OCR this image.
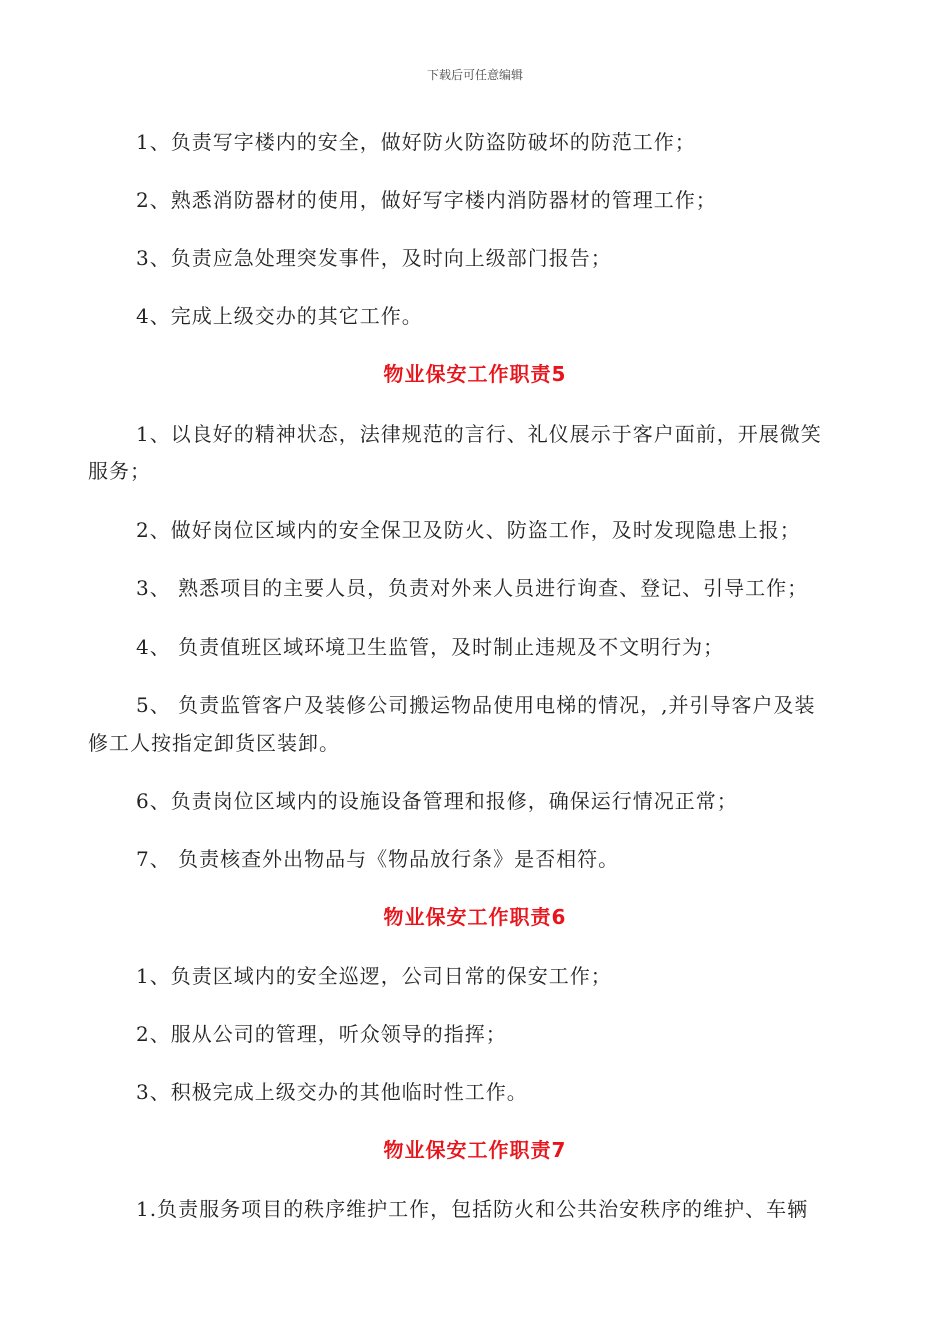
下载后可任意编辑
1、负责写字楼内的安全，做好防火防盗防破坏的防范工作；
2、熟悉消防器材的使用，做好写字楼内消防器材的管理工作；
3、负责应急处理突发事件，及时向上级部门报告；
4、完成上级交办的其它工作。
物业保安工作职责5
1、以良好的精神状态，法律规范的言行、礼仪展示于客户面前，开展微笑
服务；
2、做好岗位区域内的安全保卫及防火、防盗工作，及时发现隐患上报；
3、 熟悉项目的主要人员，负责对外来人员进行询查、登记、引导工作；
4、 负责值班区域环境卫生监管，及时制止违规及不文明行为；
5、 负责监管客户及装修公司搬运物品使用电梯的情况，,并引导客户及装
修工人按指定卸货区装卸。
6、负责岗位区域内的设施设备管理和报修，确保运行情况正常；
7、 负责核查外出物品与《物品放行条》是否相符。
物业保安工作职责6
1、负责区域内的安全巡逻，公司日常的保安工作；
2、服从公司的管理，听众领导的指挥；
3、积极完成上级交办的其他临时性工作。
物业保安工作职责7
1.负责服务项目的秩序维护工作，包括防火和公共治安秩序的维护、车辆
